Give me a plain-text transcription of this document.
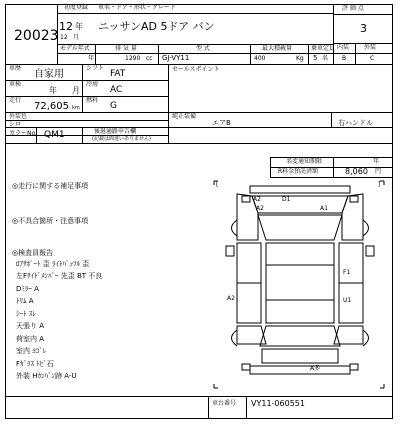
20023
初度登録 車名・ドア・形状・グレード
12 年
12 月
ニッサンAD 5ドア バン
評 価 点
3
モデル年式
年
排 気 量
1290 cc
型 式
GJ-VY11
最大積載量
400	Kg
乗車定員
5 名
内装 外装
B	C
車歴
自家用
シフト
FAT	セールスポイント
車検
年 月
冷房
AC
走行
72,605 km
燃料
G
外装色
シロ
純正装備
エアB	右ハンドル
カラーNo. QM1	後退通路申告欄
(記載は間違いありません)
名変通知期限	年
R料金預託済額	8,060 円
◎走行に関する補足事項
◎不具合箇所・注意事項
◎検査員報告
ﾛｱｻﾎﾟｰﾄ 歪 ﾗｲﾄﾊﾟｯﾌﾙ 歪
左Fｻｲﾄﾞﾒﾝﾊﾞｰ 先歪 BT 不良
Dﾐﾗｰ A
ﾄﾘﾑ A
ｼｰﾄ ｽﾚ
天張り A
荷室内 A
室内 ﾖｺﾞﾚ
Fｶﾞﾗｽ ﾄﾋﾞ石
外装 Hｶﾝﾊﾞﾝ跡 A-U
車台番号 VY11-060551
[	]
A2
A2
D1
A1
F1
U1
A2
A多
